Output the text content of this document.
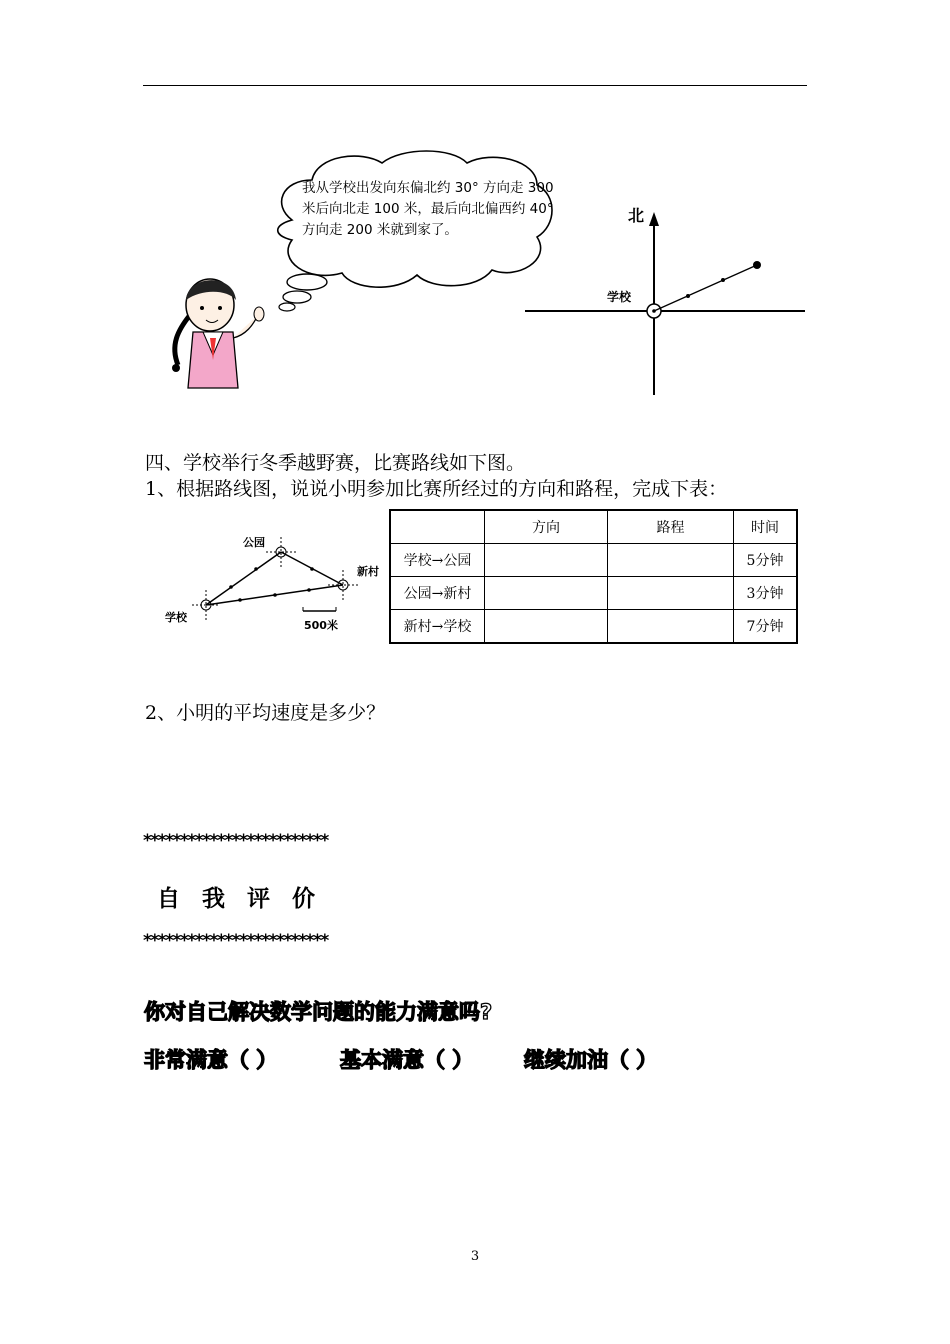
我从学校出发向东偏北约 30° 方向走 300 米后向北走 100 米，最后向北偏西约 40° 方向走 200 米就到家了。
北
学校
四、学校举行冬季越野赛，比赛路线如下图。
1、根据路线图，说说小明参加比赛所经过的方向和路程，完成下表：
公园
新村
学校
500米
	方向	路程	时间
学校→公园			5分钟
公园→新村			3分钟
新村→学校			7分钟
2、小明的平均速度是多少？
*************************
自我评价
*************************
你对自己解决数学问题的能力满意吗?
非常满意（ ）	基本满意（ ） 继续加油（ ）
3
